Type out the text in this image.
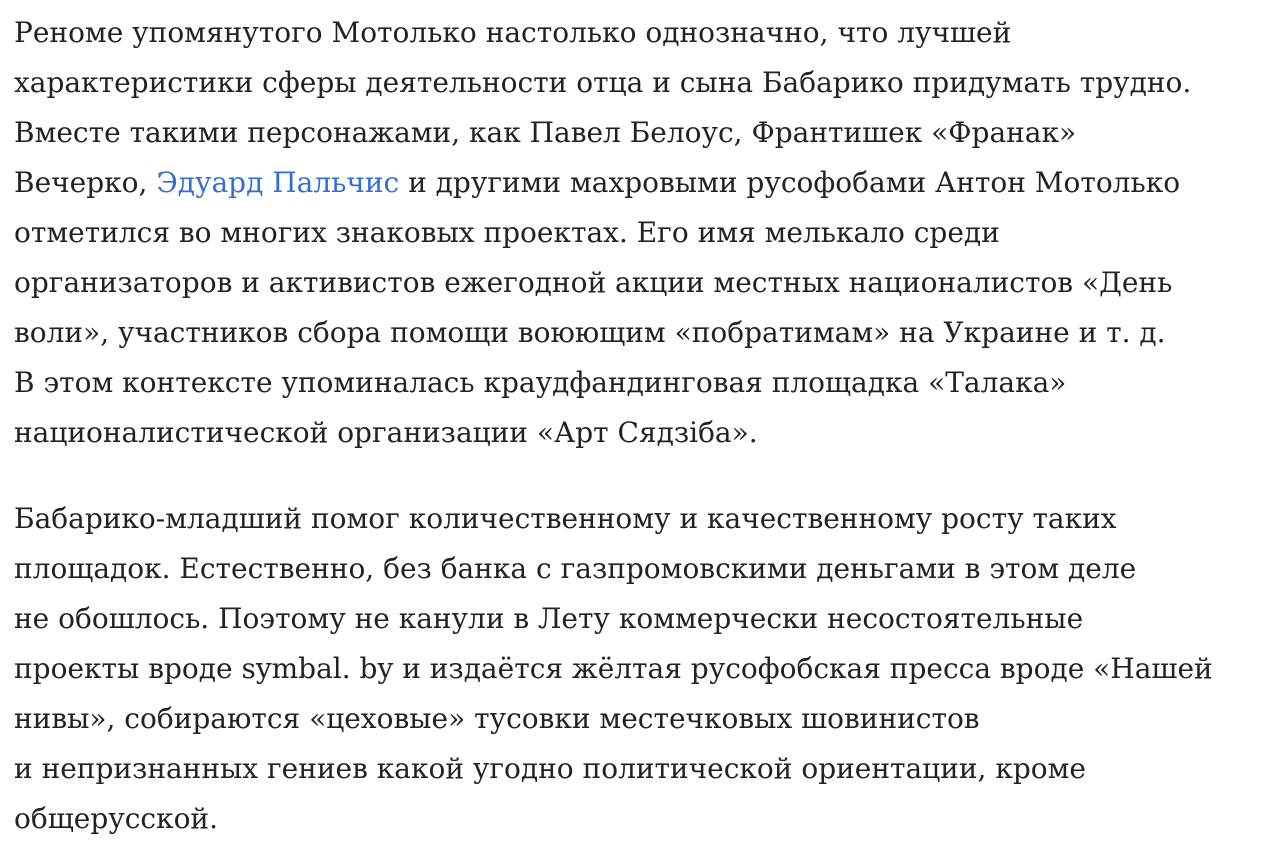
Реноме упомянутого Мотолько настолько однозначно, что лучшей
характеристики сферы деятельности отца и сына Бабарико придумать трудно.
Вместе такими персонажами, как Павел Белоус, Франтишек «Франак»
Вечерко, Эдуард Пальчис и другими махровыми русофобами Антон Мотолько
отметился во многих знаковых проектах. Его имя мелькало среди
организаторов и активистов ежегодной акции местных националистов «День
воли», участников сбора помощи воюющим «побратимам» на Украине и т. д.
В этом контексте упоминалась краудфандинговая площадка «Талака»
националистической организации «Арт Сядзіба».

Бабарико-младший помог количественному и качественному росту таких
площадок. Естественно, без банка с газпромовскими деньгами в этом деле
не обошлось. Поэтому не канули в Лету коммерчески несостоятельные
проекты вроде symbal. by и издаётся жёлтая русофобская пресса вроде «Нашей
нивы», собираются «цеховые» тусовки местечковых шовинистов
и непризнанных гениев какой угодно политической ориентации, кроме
общерусской.
